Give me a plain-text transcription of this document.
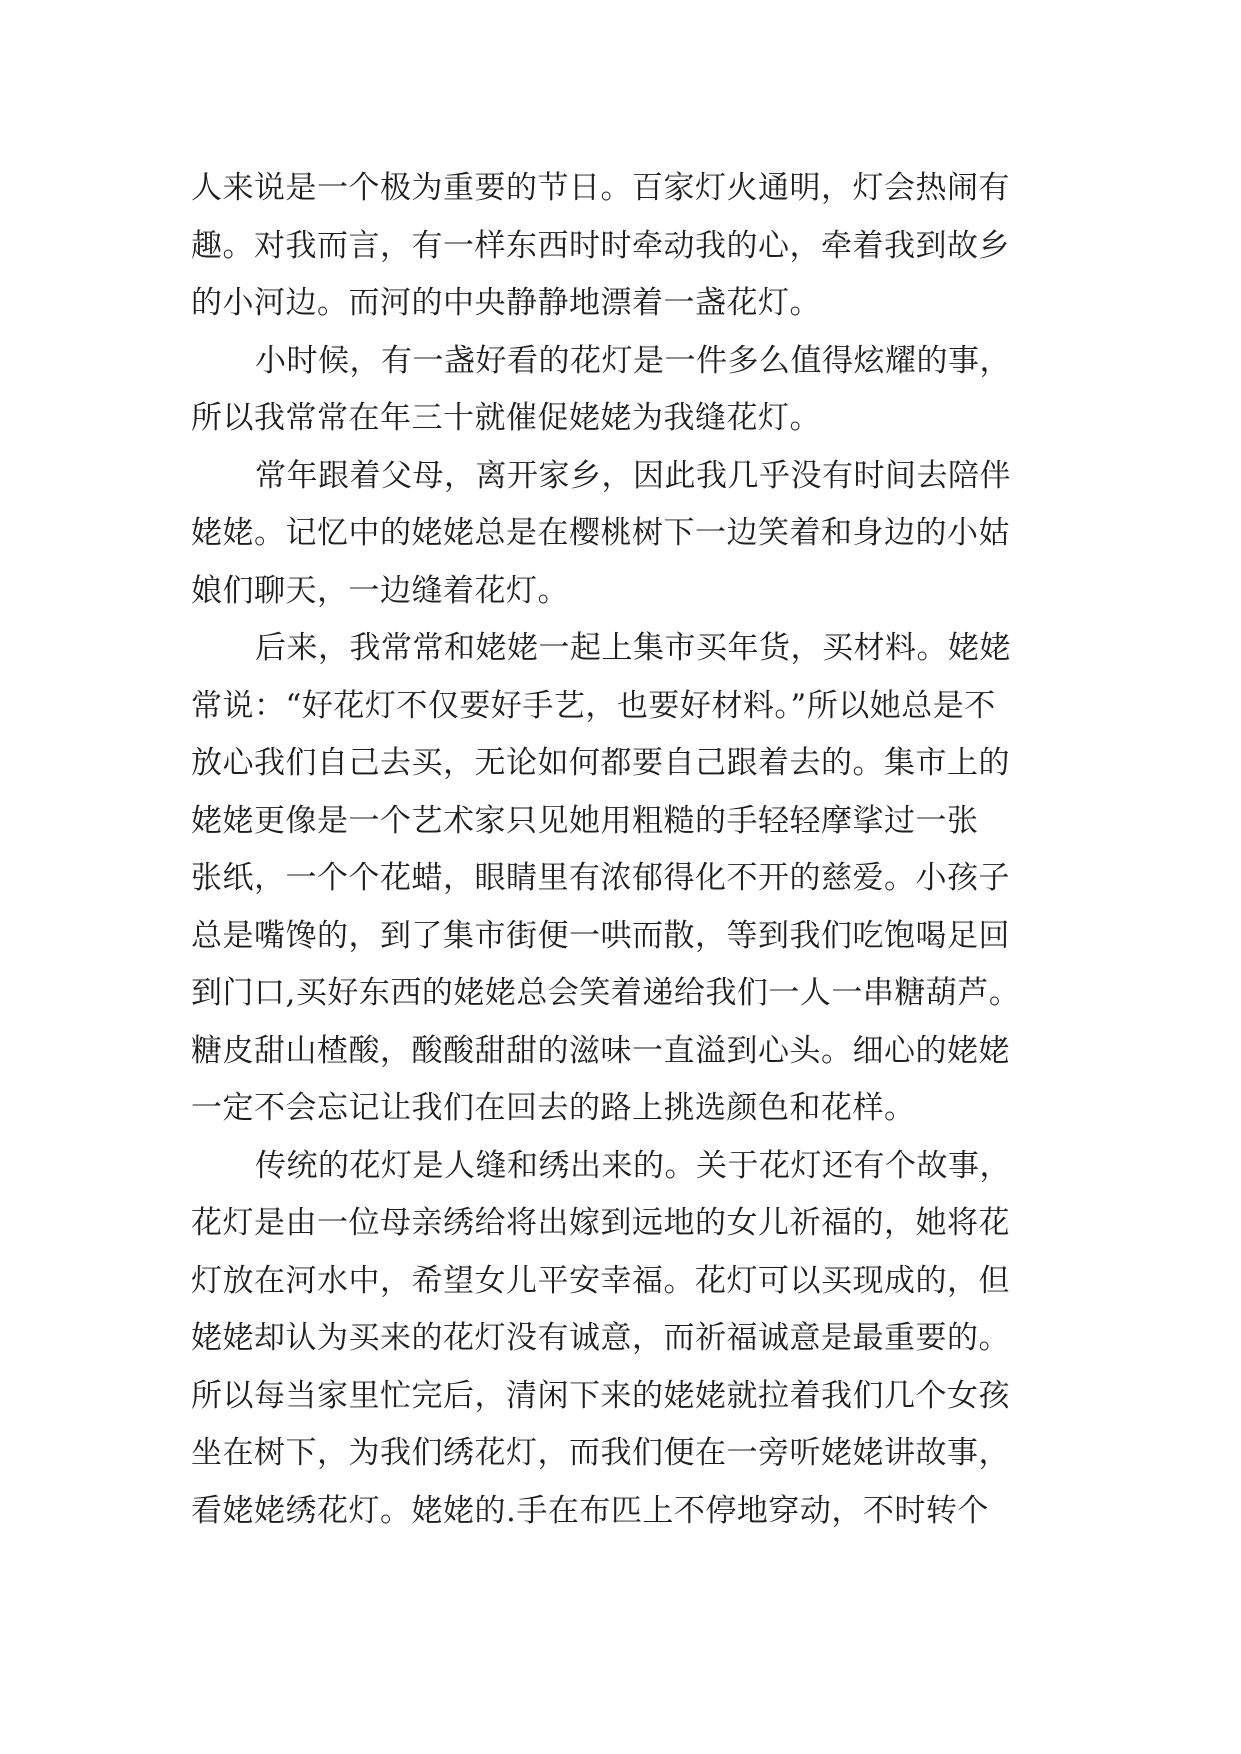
人来说是一个极为重要的节日。百家灯火通明，灯会热闹有
趣。对我而言，有一样东西时时牵动我的心，牵着我到故乡
的小河边。而河的中央静静地漂着一盏花灯。
小时候，有一盏好看的花灯是一件多么值得炫耀的事，
所以我常常在年三十就催促姥姥为我缝花灯。
常年跟着父母，离开家乡，因此我几乎没有时间去陪伴
姥姥。记忆中的姥姥总是在樱桃树下一边笑着和身边的小姑
娘们聊天，一边缝着花灯。
后来，我常常和姥姥一起上集市买年货，买材料。姥姥
常说：“好花灯不仅要好手艺，也要好材料。”所以她总是不
放心我们自己去买，无论如何都要自己跟着去的。集市上的
姥姥更像是一个艺术家只见她用粗糙的手轻轻摩挲过一张
张纸，一个个花蜡，眼睛里有浓郁得化不开的慈爱。小孩子
总是嘴馋的，到了集市街便一哄而散，等到我们吃饱喝足回
到门口,买好东西的姥姥总会笑着递给我们一人一串糖葫芦。
糖皮甜山楂酸，酸酸甜甜的滋味一直溢到心头。细心的姥姥
一定不会忘记让我们在回去的路上挑选颜色和花样。
传统的花灯是人缝和绣出来的。关于花灯还有个故事，
花灯是由一位母亲绣给将出嫁到远地的女儿祈福的，她将花
灯放在河水中，希望女儿平安幸福。花灯可以买现成的，但
姥姥却认为买来的花灯没有诚意，而祈福诚意是最重要的。
所以每当家里忙完后，清闲下来的姥姥就拉着我们几个女孩
坐在树下，为我们绣花灯，而我们便在一旁听姥姥讲故事，
看姥姥绣花灯。姥姥的.手在布匹上不停地穿动，不时转个
